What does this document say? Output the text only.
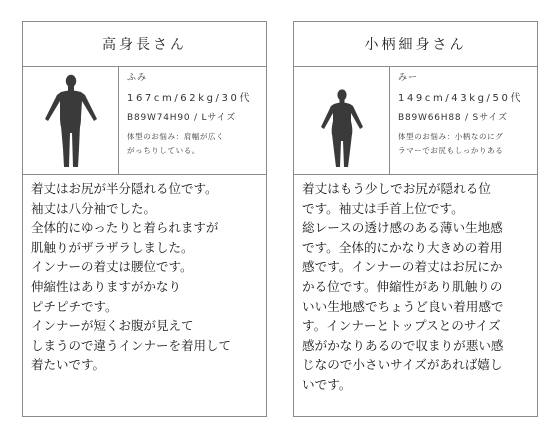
高身長さん
ふみ
167cm/62kg/30代
B89W74H90 / Lサイズ
体型のお悩み：肩幅が広く
がっちりしている。
着丈はお尻が半分隠れる位です。
袖丈は八分袖でした。
全体的にゆったりと着られますが
肌触りがザラザラしました。
インナーの着丈は腰位です。
伸縮性はありますがかなり
ピチピチです。
インナーが短くお腹が見えて
しまうので違うインナーを着用して
着たいです。
小柄細身さん
みー
149cm/43kg/50代
B89W66H88 / Sサイズ
体型のお悩み：小柄なのにグ
ラマーでお尻もしっかりある
着丈はもう少しでお尻が隠れる位
です。袖丈は手首上位です。
総レースの透け感のある薄い生地感
です。全体的にかなり大きめの着用
感です。インナーの着丈はお尻にか
かる位です。伸縮性があり肌触りの
いい生地感でちょうど良い着用感で
す。インナーとトップスとのサイズ
感がかなりあるので収まりが悪い感
じなので小さいサイズがあれば嬉し
いです。
